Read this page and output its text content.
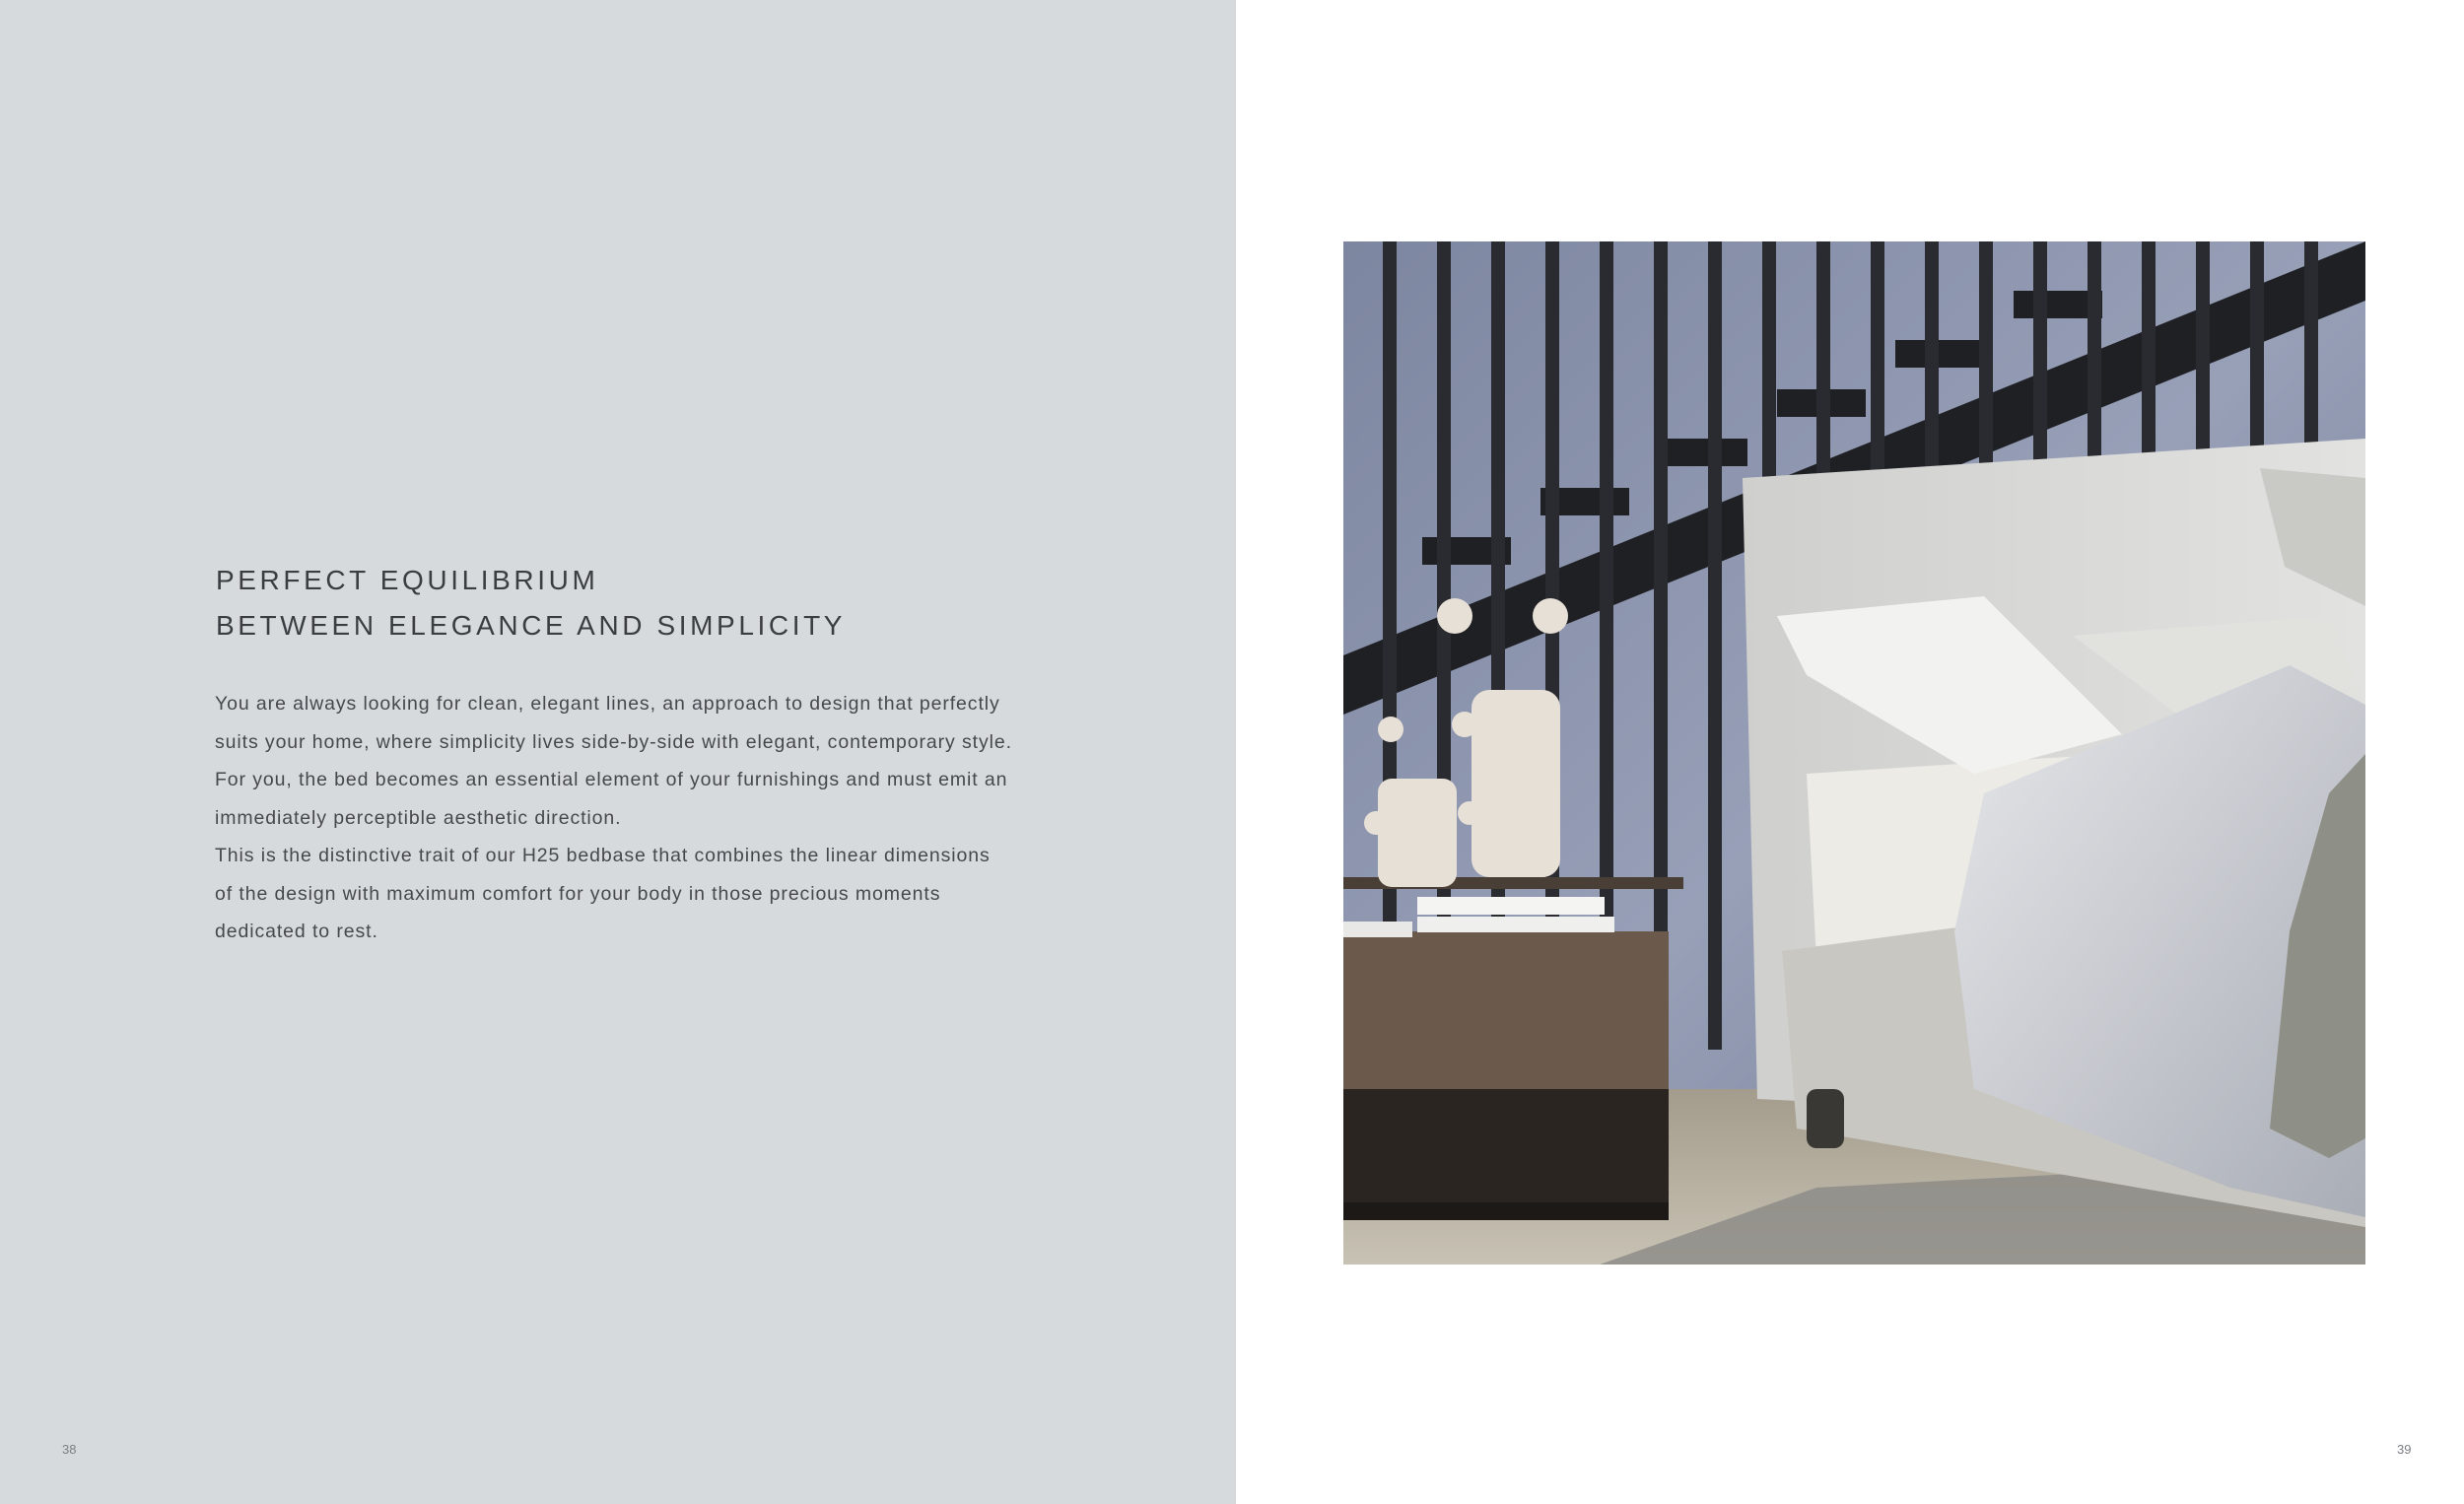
PERFECT EQUILIBRIUM
BETWEEN ELEGANCE AND SIMPLICITY
You are always looking for clean, elegant lines, an approach to design that perfectly
suits your home, where simplicity lives side-by-side with elegant, contemporary style.
For you, the bed becomes an essential element of your furnishings and must emit an
immediately perceptible aesthetic direction.
This is the distinctive trait of our H25 bedbase that combines the linear dimensions
of the design with maximum comfort for your body in those precious moments
dedicated to rest.
38	39
